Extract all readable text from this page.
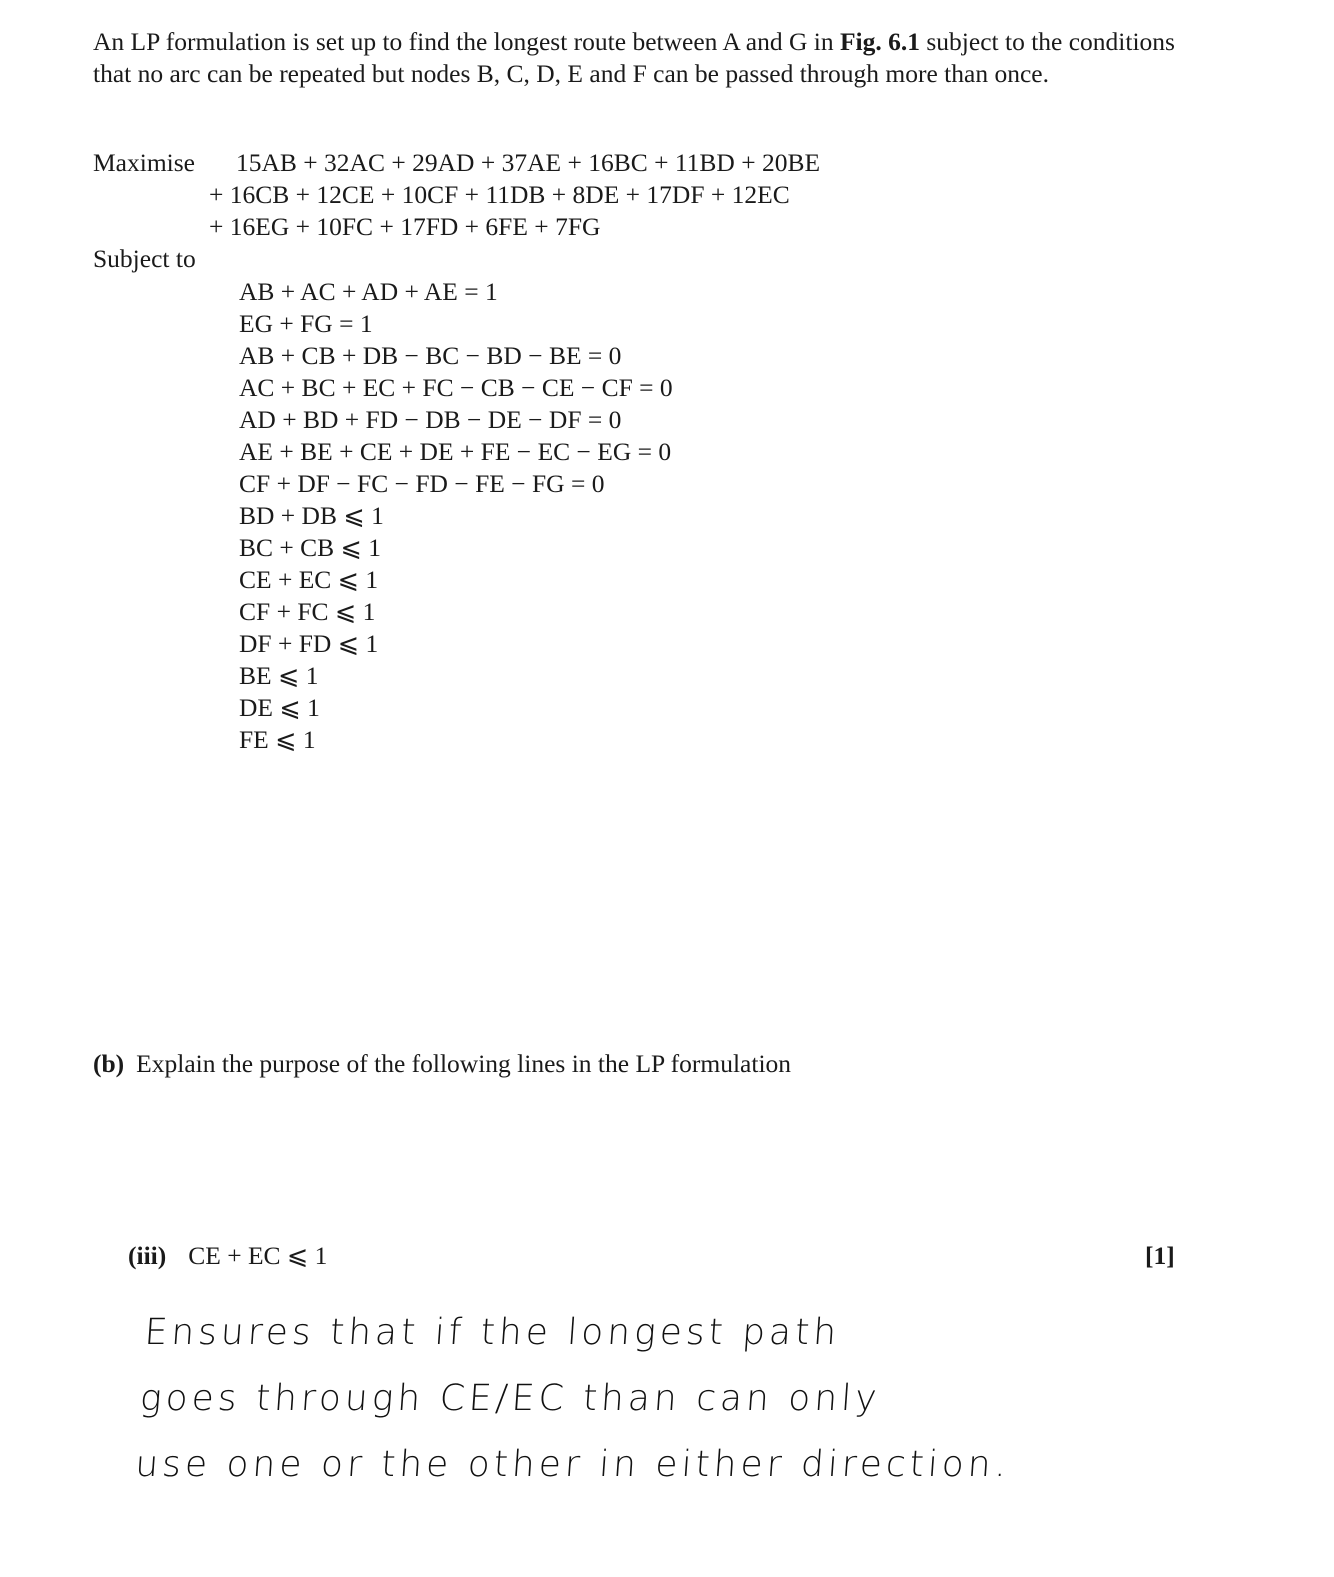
An LP formulation is set up to find the longest route between A and G in Fig. 6.1 subject to the conditions that no arc can be repeated but nodes B, C, D, E and F can be passed through more than once.
Maximise 15AB + 32AC + 29AD + 37AE + 16BC + 11BD + 20BE
+ 16CB + 12CE + 10CF + 11DB + 8DE + 17DF + 12EC
+ 16EG + 10FC + 17FD + 6FE + 7FG
Subject to
AB + AC + AD + AE = 1
EG + FG = 1
AB + CB + DB − BC − BD − BE = 0
AC + BC + EC + FC − CB − CE − CF = 0
AD + BD + FD − DB − DE − DF = 0
AE + BE + CE + DE + FE − EC − EG = 0
CF + DF − FC − FD − FE − FG = 0
BD + DB ⩽ 1
BC + CB ⩽ 1
CE + EC ⩽ 1
CF + FC ⩽ 1
DF + FD ⩽ 1
BE ⩽ 1
DE ⩽ 1
FE ⩽ 1
(b) Explain the purpose of the following lines in the LP formulation
(iii) CE + EC ⩽ 1	[1]
Ensures that if the longest path
goes through CE/EC than can only
use one or the other in either direction.
